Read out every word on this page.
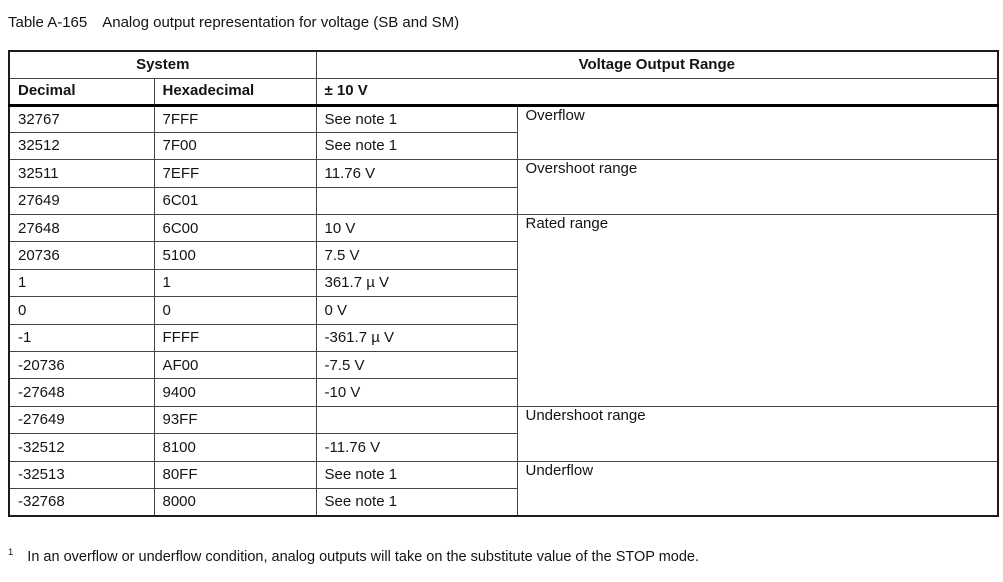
Table A-165 Analog output representation for voltage (SB and SM)
System		Voltage Output Range	
Decimal	Hexadecimal	± 10 V	
32767	7FFF	See note 1	Overflow
32512	7F00	See note 1	
32511	7EFF	11.76 V	Overshoot range
27649	6C01		
27648	6C00	10 V	Rated range
20736	5100	7.5 V	
1	1	361.7 µ V	
0	0	0 V	
-1	FFFF	-361.7 µ V	
-20736	AF00	-7.5 V	
-27648	9400	-10 V	
-27649	93FF		Undershoot range
-32512	8100	-11.76 V	
-32513	80FF	See note 1	Underflow
-32768	8000	See note 1	
$^1$ In an overflow or underflow condition, analog outputs will take on the substitute value of the STOP mode.
